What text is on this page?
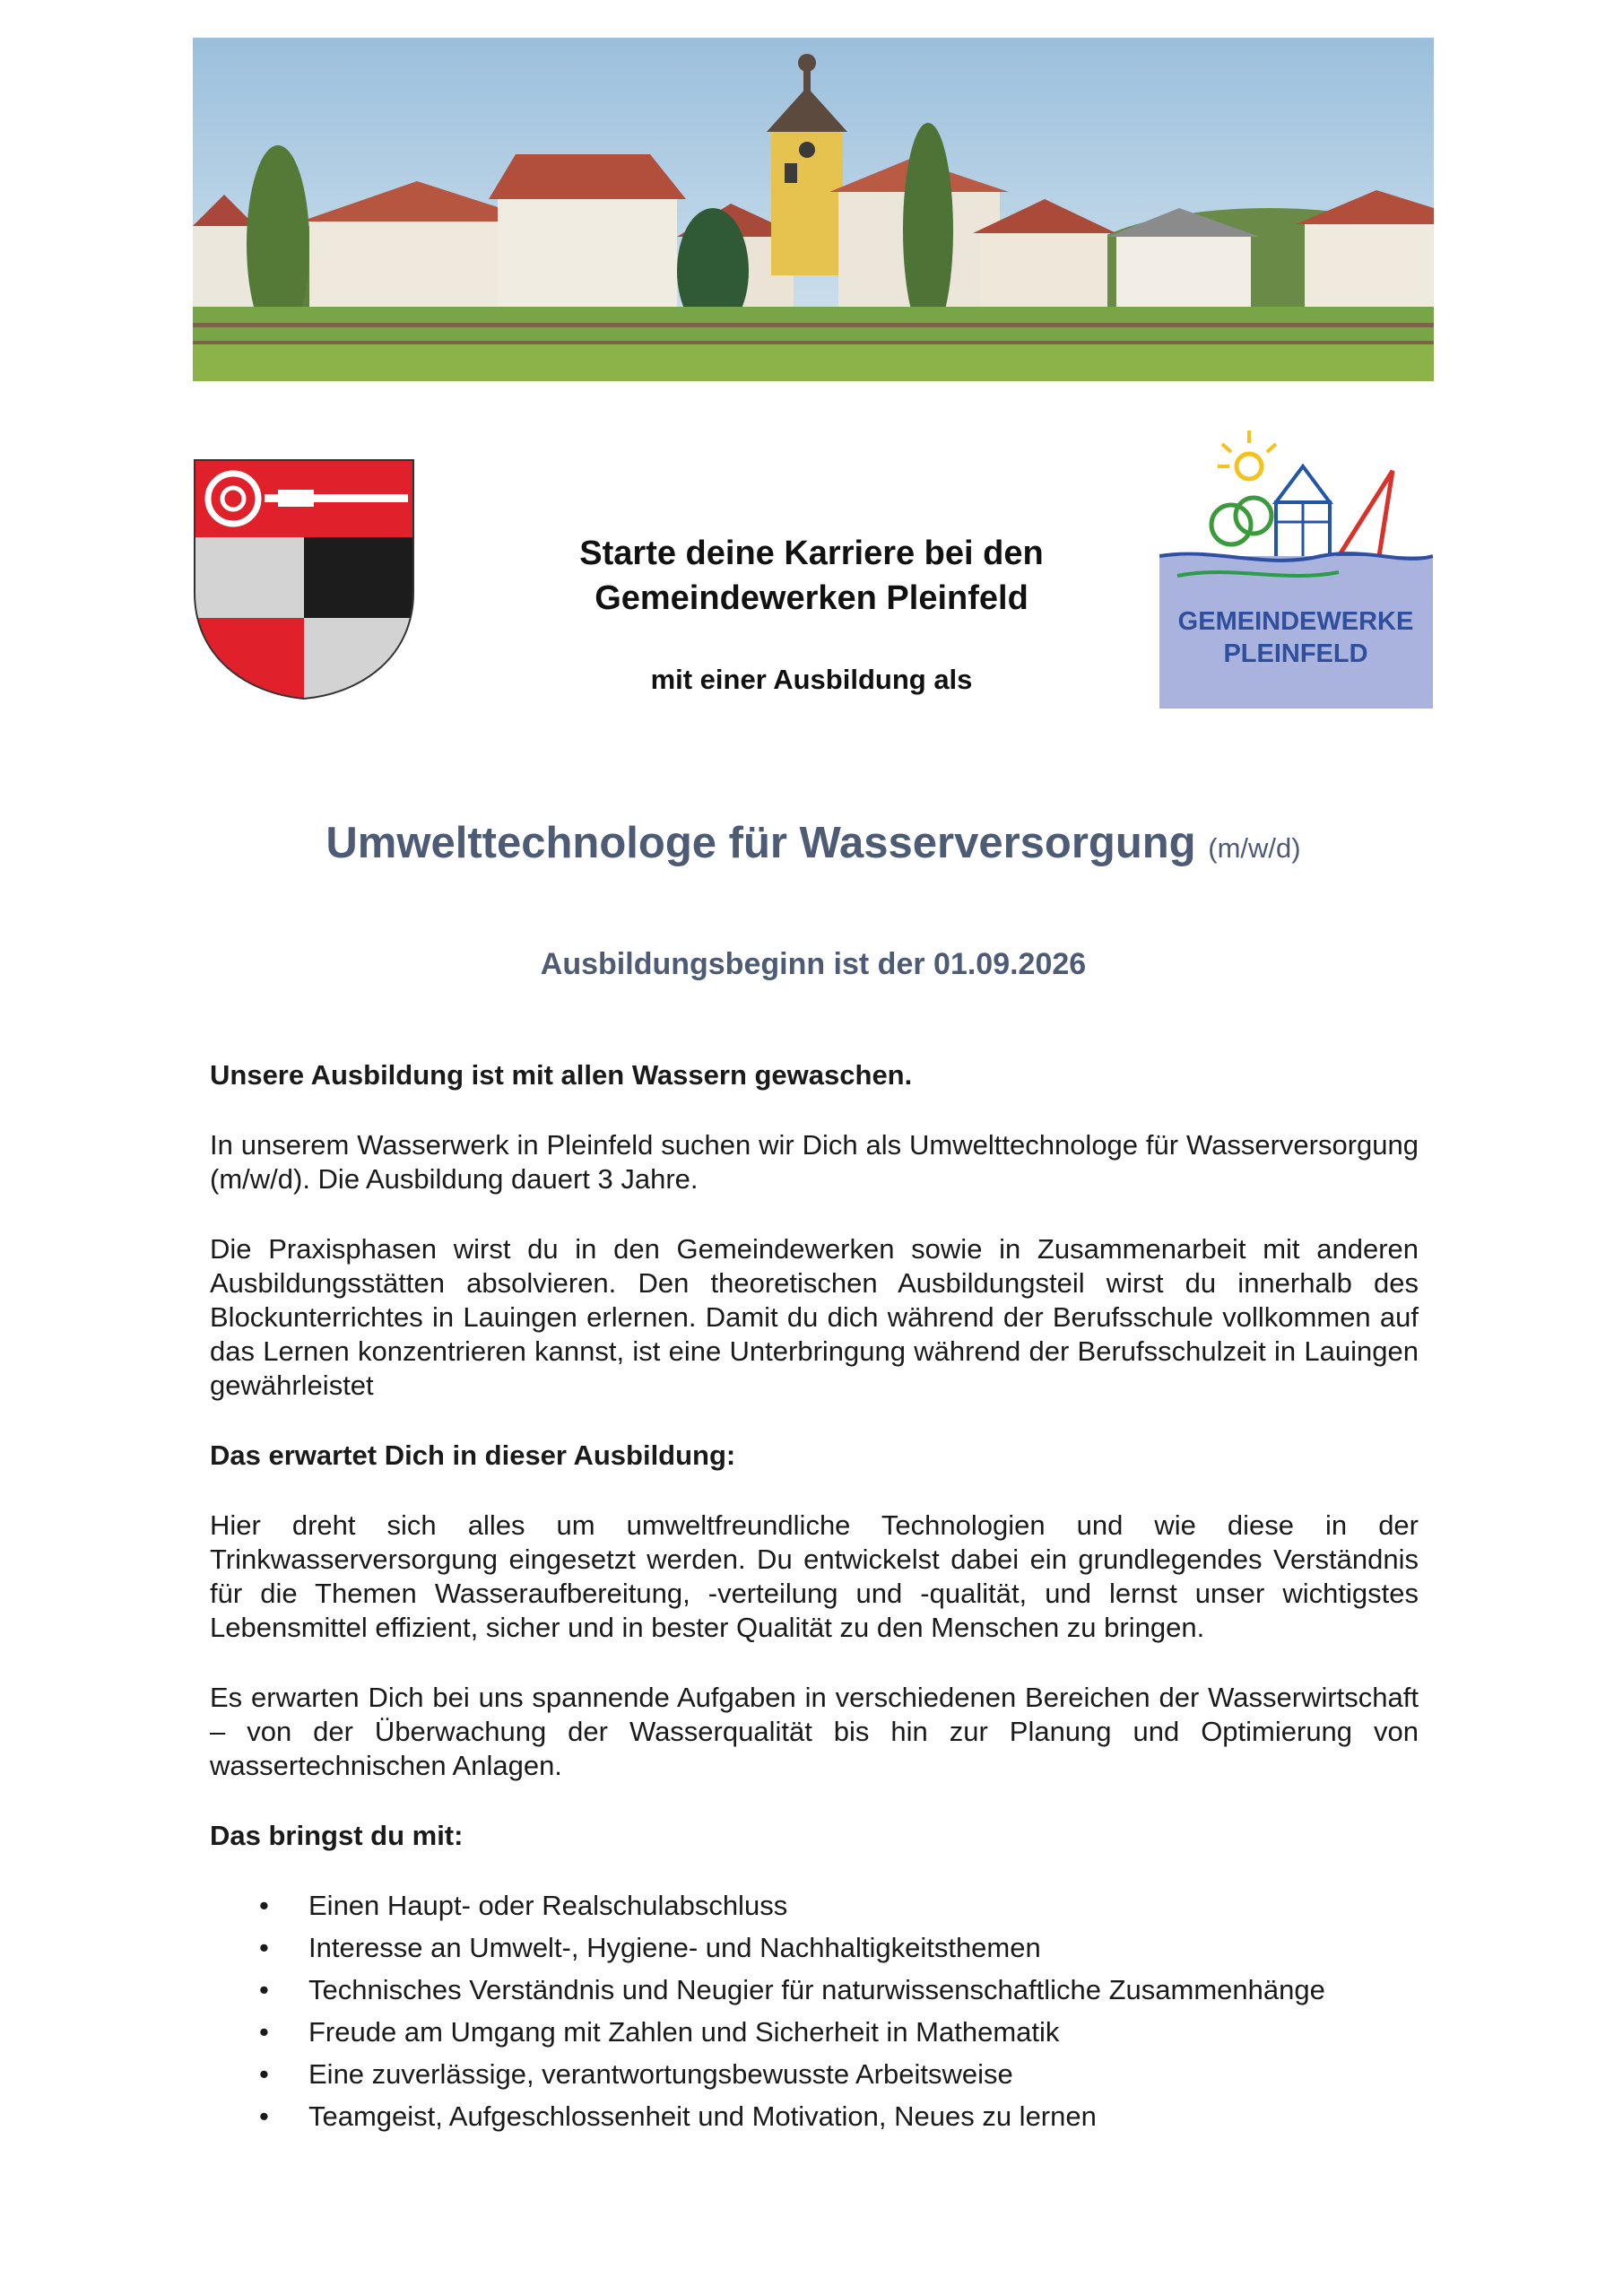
GEMEINDEWERKE
PLEINFELD
Starte deine Karriere bei den
Gemeindewerken Pleinfeld
mit einer Ausbildung als
Umwelttechnologe für Wasserversorgung (m/w/d)
Ausbildungsbeginn ist der 01.09.2026

Unsere Ausbildung ist mit allen Wassern gewaschen.

In unserem Wasserwerk in Pleinfeld suchen wir Dich als Umwelttechnologe für Wasserversorgung (m/w/d). Die Ausbildung dauert 3 Jahre.

Die Praxisphasen wirst du in den Gemeindewerken sowie in Zusammenarbeit mit anderen Ausbildungsstätten absolvieren. Den theoretischen Ausbildungsteil wirst du innerhalb des Blockunterrichtes in Lauingen erlernen. Damit du dich während der Berufsschule vollkommen auf das Lernen konzentrieren kannst, ist eine Unterbringung während der Berufsschulzeit in Lauingen gewährleistet

Das erwartet Dich in dieser Ausbildung:

Hier dreht sich alles um umweltfreundliche Technologien und wie diese in der Trinkwasserversorgung eingesetzt werden. Du entwickelst dabei ein grundlegendes Verständnis für die Themen Wasseraufbereitung, -verteilung und -qualität, und lernst unser wichtigstes Lebensmittel effizient, sicher und in bester Qualität zu den Menschen zu bringen.

Es erwarten Dich bei uns spannende Aufgaben in verschiedenen Bereichen der Wasserwirtschaft – von der Überwachung der Wasserqualität bis hin zur Planung und Optimierung von wassertechnischen Anlagen.

Das bringst du mit:

• Einen Haupt- oder Realschulabschluss
• Interesse an Umwelt-, Hygiene- und Nachhaltigkeitsthemen
• Technisches Verständnis und Neugier für naturwissenschaftliche Zusammenhänge
• Freude am Umgang mit Zahlen und Sicherheit in Mathematik
• Eine zuverlässige, verantwortungsbewusste Arbeitsweise
• Teamgeist, Aufgeschlossenheit und Motivation, Neues zu lernen
